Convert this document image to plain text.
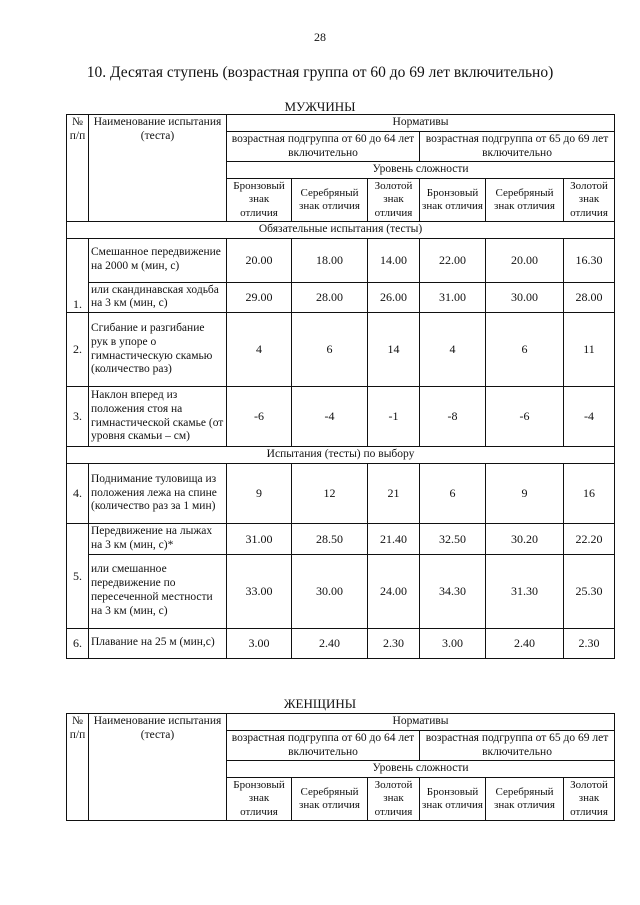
28
10. Десятая ступень (возрастная группа от 60 до 69 лет включительно)
МУЖЧИНЫ
№ п/п	Наименование испытания (теста)	Нормативы					
		возрастная подгруппа от 60 до 64 лет включительно			возрастная подгруппа от 65 до 69 лет включительно		
		Уровень сложности					
		Бронзовый знак отличия	Серебряный знак отличия	Золотой знак отличия	Бронзовый знак отличия	Серебряный знак отличия	Золотой знак отличия
Обязательные испытания (тесты)							
1.	Смешанное передвижение на 2000 м (мин, с)	20.00	18.00	14.00	22.00	20.00	16.30
	или скандинавская ходьба на 3 км (мин, с)	29.00	28.00	26.00	31.00	30.00	28.00
2.	Сгибание и разгибание рук в упоре о гимнастическую скамью (количество раз)	4	6	14	4	6	11
3.	Наклон вперед из положения стоя на гимнастической скамье (от уровня скамьи – см)	-6	-4	-1	-8	-6	-4
Испытания (тесты) по выбору							
4.	Поднимание туловища из положения лежа на спине (количество раз за 1 мин)	9	12	21	6	9	16
5.	Передвижение на лыжах на 3 км (мин, с)*	31.00	28.50	21.40	32.50	30.20	22.20
	или смешанное передвижение по пересеченной местности на 3 км (мин, с)	33.00	30.00	24.00	34.30	31.30	25.30
6.	Плавание на 25 м (мин,с)	3.00	2.40	2.30	3.00	2.40	2.30
ЖЕНЩИНЫ
№ п/п	Наименование испытания (теста)	Нормативы					
		возрастная подгруппа от 60 до 64 лет включительно			возрастная подгруппа от 65 до 69 лет включительно		
		Уровень сложности					
		Бронзовый знак отличия	Серебряный знак отличия	Золотой знак отличия	Бронзовый знак отличия	Серебряный знак отличия	Золотой знак отличия
